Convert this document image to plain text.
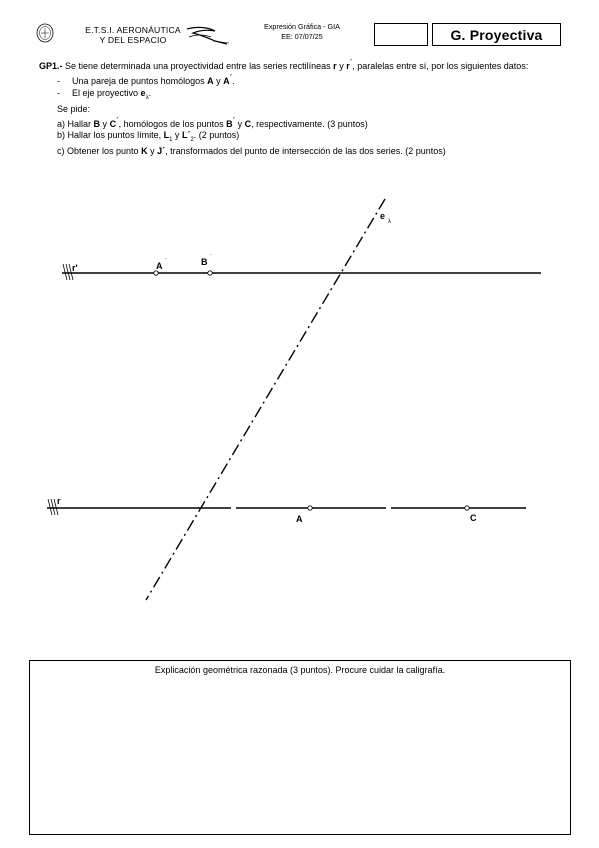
E.T.S.I. AERONÁUTICA
Y DEL ESPACIO
Expresión Gráfica - GIA
EE: 07/07/25	G. Proyectiva

GP1.- Se tiene determinada una proyectividad entre las series rectilíneas r y r´, paralelas entre sí, por los siguientes datos:

- Una pareja de puntos homólogos A y A´.

- El eje proyectivo $e_\lambda$.

Se pide:

a) Hallar B y C´, homólogos de los puntos B´ y C, respectivamente. (3 puntos)

b) Hallar los puntos límite, $L_1$ y $L´_2$. (2 puntos)

c) Obtener los punto K y J´, transformados del punto de intersección de las dos series. (2 puntos)

r'	A ´	B ´
r
A	C
e
λ
Explicación geométrica razonada (3 puntos). Procure cuidar la caligrafía.
